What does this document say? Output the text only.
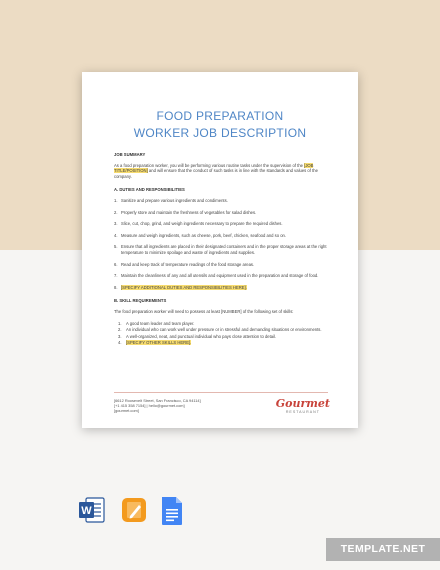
FOOD PREPARATION
WORKER JOB DESCRIPTION
JOB SUMMARY
As a food preparation worker, you will be performing various routine tasks under the supervision of the [JOB TITLE/POSITION] and will ensure that the conduct of such tasks is in line with the standards and values of the company.
A. DUTIES AND RESPONSIBILITIES
1. Sanitize and prepare various ingredients and condiments.
2. Properly store and maintain the freshness of vegetables for salad dishes.
3. Slice, cut, chop, grind, and weigh ingredients necessary to prepare the required dishes.
4. Measure and weigh ingredients, such as cheese, pork, beef, chicken, seafood and so on.
5. Ensure that all ingredients are placed in their designated containers and in the proper storage areas at the right temperature to minimize spoilage and waste of ingredients and supplies.
6. Read and keep track of temperature readings of the food storage areas.
7. Maintain the cleanliness of any and all utensils and equipment used in the preparation and storage of food.
8. [SPECIFY ADDITIONAL DUTIES AND RESPONSIBILITIES HERE].
B. SKILL REQUIREMENTS
The food preparation worker will need to possess at least [NUMBER] of the following set of skills:
1. A good team leader and team player.
2. An individual who can work well under pressure or in stressful and demanding situations or environments.
3. A well-organized, neat, and punctual individual who pays close attention to detail.
4. [SPECIFY OTHER SKILLS HERE].
[6612 Roosevelt Street, San Francisco, CA 94114]
[+1 415 358 7154] | hello@gourmet.com]
[gourmet.com]
Gourmet
RESTAURANT
W
TEMPLATE.NET
